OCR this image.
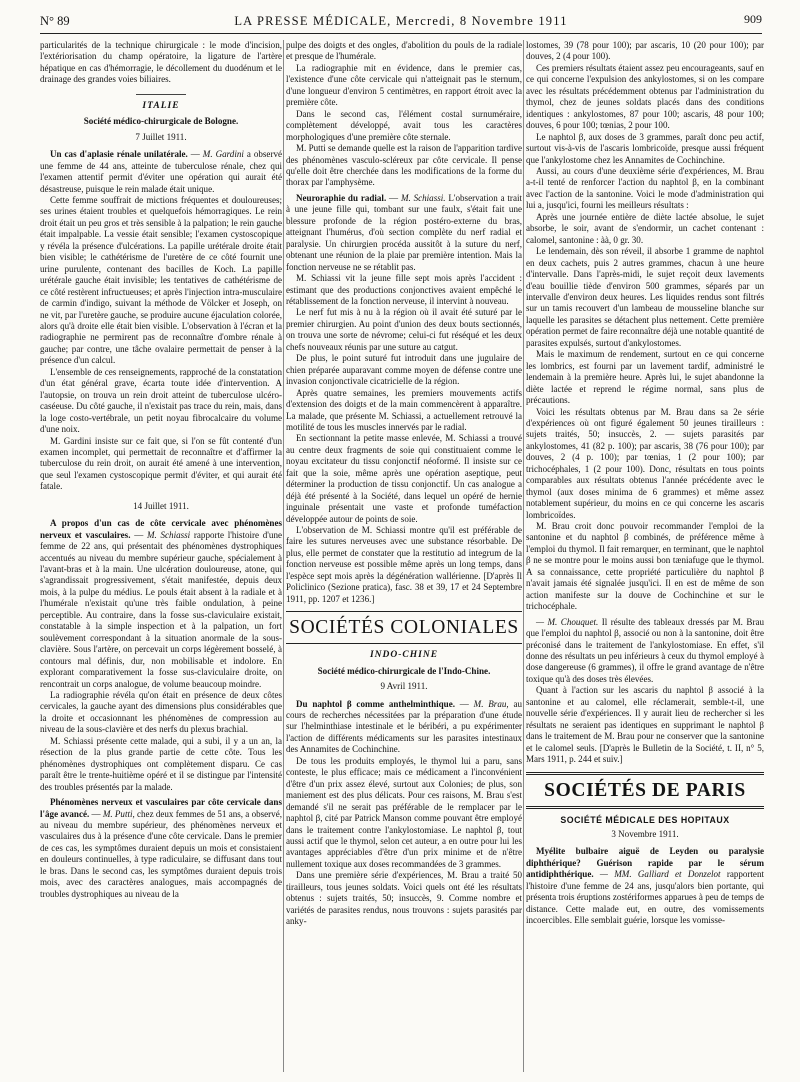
N° 89	LA PRESSE MÉDICALE, Mercredi, 8 Novembre 1911	909

particularités de la technique chirurgicale : le mode d'incision, l'extériorisation du champ opératoire, la ligature de l'artère hépatique en cas d'hémorragie, le décollement du duodénum et le drainage des grandes voies biliaires.

ITALIE
Société médico-chirurgicale de Bologne.
7 Juillet 1911.

Un cas d'aplasie rénale unilatérale. — M. Gardini a observé une femme de 44 ans, atteinte de tuberculose rénale, chez qui l'examen attentif permit d'éviter une opération qui aurait été désastreuse, puisque le rein malade était unique.

Cette femme souffrait de mictions fréquentes et douloureuses; ses urines étaient troubles et quelquefois hémorragiques. Le rein droit était un peu gros et très sensible à la palpation; le rein gauche était impalpable. La vessie était sensible; l'examen cystoscopique y révéla la présence d'ulcérations. La papille urétérale droite était bien visible; le cathétérisme de l'uretère de ce côté fournit une urine purulente, contenant des bacilles de Koch. La papille urétérale gauche était invisible; les tentatives de cathétérisme de ce côté restèrent infructueuses; et après l'injection intra-musculaire de carmin d'indigo, suivant la méthode de Völcker et Joseph, on ne vit, par l'uretère gauche, se produire aucune éjaculation colorée, alors qu'à droite elle était bien visible. L'observation à l'écran et la radiographie ne permirent pas de reconnaître d'ombre rénale à gauche; par contre, une tâche ovalaire permettait de penser à la présence d'un calcul.

L'ensemble de ces renseignements, rapproché de la constatation d'un état général grave, écarta toute idée d'intervention. A l'autopsie, on trouva un rein droit atteint de tuberculose ulcéro-caséeuse. Du côté gauche, il n'existait pas trace du rein, mais, dans la loge costo-vertébrale, un petit noyau fibrocalcaire du volume d'une noix.

M. Gardini insiste sur ce fait que, si l'on se fût contenté d'un examen incomplet, qui permettait de reconnaître et d'affirmer la tuberculose du rein droit, on aurait été amené à une intervention, que seul l'examen cystoscopique permit d'éviter, et qui aurait été fatale.

14 Juillet 1911.

A propos d'un cas de côte cervicale avec phénomènes nerveux et vasculaires. — M. Schiassi rapporte l'histoire d'une femme de 22 ans, qui présentait des phénomènes dystrophiques accentués au niveau du membre supérieur gauche, spécialement à l'avant-bras et à la main. Une ulcération douloureuse, atone, qui s'agrandissait progressivement, s'était manifestée, depuis deux mois, à la pulpe du médius. Le pouls était absent à la radiale et à l'humérale n'existait qu'une très faible ondulation, à peine perceptible. Au contraire, dans la fosse sus-claviculaire existait, constatable à la simple inspection et à la palpation, un fort soulèvement correspondant à la situation anormale de la sous-clavière. Sous l'artère, on percevait un corps légèrement bosselé, à contours mal définis, dur, non mobilisable et indolore. En explorant comparativement la fosse sus-claviculaire droite, on rencontrait un corps analogue, de volume beaucoup moindre.

La radiographie révéla qu'on était en présence de deux côtes cervicales, la gauche ayant des dimensions plus considérables que la droite et occasionnant les phénomènes de compression au niveau de la sous-clavière et des nerfs du plexus brachial.

M. Schiassi présente cette malade, qui a subi, il y a un an, la résection de la plus grande partie de cette côte. Tous les phénomènes dystrophiques ont complètement disparu. Ce cas paraît être le trente-huitième opéré et il se distingue par l'intensité des troubles présentés par la malade.

Phénomènes nerveux et vasculaires par côte cervicale dans l'âge avancé. — M. Putti, chez deux femmes de 51 ans, a observé, au niveau du membre supérieur, des phénomènes nerveux et vasculaires dus à la présence d'une côte cervicale. Dans le premier de ces cas, les symptômes duraient depuis un mois et consistaient en douleurs continuelles, à type radiculaire, se diffusant dans tout le bras. Dans le second cas, les symptômes duraient depuis trois mois, avec des caractères analogues, mais accompagnés de troubles dystrophiques au niveau de la

pulpe des doigts et des ongles, d'abolition du pouls de la radiale et presque de l'humérale.

La radiographie mit en évidence, dans le premier cas, l'existence d'une côte cervicale qui n'atteignait pas le sternum, d'une longueur d'environ 5 centimètres, en rapport étroit avec la première côte.

Dans le second cas, l'élément costal surnuméraire, complètement développé, avait tous les caractères morphologiques d'une première côte sternale.

M. Putti se demande quelle est la raison de l'apparition tardive des phénomènes vasculo-scléreux par côte cervicale. Il pense qu'elle doit être cherchée dans les modifications de la forme du thorax par l'amphysème.

Neuroraphie du radial. — M. Schiassi. L'observation a trait à une jeune fille qui, tombant sur une faulx, s'était fait une blessure profonde de la région postéro-externe du bras, atteignant l'humérus, d'où section complète du nerf radial et paralysie. Un chirurgien procéda aussitôt à la suture du nerf, obtenant une réunion de la plaie par première intention. Mais la fonction nerveuse ne se rétablit pas.

M. Schiassi vit la jeune fille sept mois après l'accident : estimant que des productions conjonctives avaient empêché le rétablissement de la fonction nerveuse, il intervint à nouveau.

Le nerf fut mis à nu à la région où il avait été suturé par le premier chirurgien. Au point d'union des deux bouts sectionnés, on trouva une sorte de névrome; celui-ci fut réséqué et les deux chefs nouveaux réunis par une suture au catgut.

De plus, le point suturé fut introduit dans une jugulaire de chien préparée auparavant comme moyen de défense contre une invasion conjonctivale cicatricielle de la région.

Après quatre semaines, les premiers mouvements actifs d'extension des doigts et de la main commencèrent à apparaître. La malade, que présente M. Schiassi, a actuellement retrouvé la motilité de tous les muscles innervés par le radial.

En sectionnant la petite masse enlevée, M. Schiassi a trouvé au centre deux fragments de soie qui constituaient comme le noyau excitateur du tissu conjonctif néoformé. Il insiste sur ce fait que la soie, même après une opération aseptique, peut déterminer la production de tissu conjonctif. Un cas analogue a déjà été présenté à la Société, dans lequel un opéré de hernie inguinale présentait une vaste et profonde tuméfaction développée autour de points de soie.

L'observation de M. Schiassi montre qu'il est préférable de faire les sutures nerveuses avec une substance résorbable. De plus, elle permet de constater que la restitutio ad integrum de la fonction nerveuse est possible même après un long temps, dans l'espèce sept mois après la dégénération wallérienne. [D'après Il Policlinico (Sezione pratica), fasc. 38 et 39, 17 et 24 Septembre 1911, pp. 1207 et 1236.]

SOCIÉTÉS COLONIALES
INDO-CHINE
Société médico-chirurgicale de l'Indo-Chine.
9 Avril 1911.

Du naphtol β comme anthelminthique. — M. Brau, au cours de recherches nécessitées par la préparation d'une étude sur l'helminthiase intestinale et le béribéri, a pu expérimenter l'action de différents médicaments sur les parasites intestinaux des Annamites de Cochinchine.

De tous les produits employés, le thymol lui a paru, sans conteste, le plus efficace; mais ce médicament a l'inconvénient d'être d'un prix assez élevé, surtout aux Colonies; de plus, son maniement est des plus délicats. Pour ces raisons, M. Brau s'est demandé s'il ne serait pas préférable de le remplacer par le naphtol β, cité par Patrick Manson comme pouvant être employé dans le traitement contre l'ankylostomiase. Le naphtol β, tout aussi actif que le thymol, selon cet auteur, a en outre pour lui les avantages appréciables d'être d'un prix minime et de n'être nullement toxique aux doses recommandées de 3 grammes.

Dans une première série d'expériences, M. Brau a traité 50 tirailleurs, tous jeunes soldats. Voici quels ont été les résultats obtenus : sujets traités, 50; insuccès, 9. Comme nombre et variétés de parasites rendus, nous trouvons : sujets parasités par anky-

lostomes, 39 (78 pour 100); par ascaris, 10 (20 pour 100); par douves, 2 (4 pour 100).

Ces premiers résultats étaient assez peu encourageants, sauf en ce qui concerne l'expulsion des ankylostomes, si on les compare avec les résultats précédemment obtenus par l'administration du thymol, chez de jeunes soldats placés dans des conditions identiques : ankylostomes, 87 pour 100; ascaris, 48 pour 100; douves, 6 pour 100; tœnias, 2 pour 100.

Le naphtol β, aux doses de 3 grammes, paraît donc peu actif, surtout vis-à-vis de l'ascaris lombricoïde, presque aussi fréquent que l'ankylostome chez les Annamites de Cochinchine.

Aussi, au cours d'une deuxième série d'expériences, M. Brau a-t-il tenté de renforcer l'action du naphtol β, en la combinant avec l'action de la santonine. Voici le mode d'administration qui lui a, jusqu'ici, fourni les meilleurs résultats :

Après une journée entière de diète lactée absolue, le sujet absorbe, le soir, avant de s'endormir, un cachet contenant : calomel, santonine : àà, 0 gr. 30.

Le lendemain, dès son réveil, il absorbe 1 gramme de naphtol en deux cachets, puis 2 autres grammes, chacun à une heure d'intervalle. Dans l'après-midi, le sujet reçoit deux lavements d'eau bouillie tiède d'environ 500 grammes, séparés par un intervalle d'environ deux heures. Les liquides rendus sont filtrés sur un tamis recouvert d'un lambeau de mousseline blanche sur laquelle les parasites se détachent plus nettement. Cette première opération permet de faire reconnaître déjà une notable quantité de parasites expulsés, surtout d'ankylostomes.

Mais le maximum de rendement, surtout en ce qui concerne les lombrics, est fourni par un lavement tardif, administré le lendemain à la première heure. Après lui, le sujet abandonne la diète lactée et reprend le régime normal, sans plus de précautions.

Voici les résultats obtenus par M. Brau dans sa 2e série d'expériences où ont figuré également 50 jeunes tirailleurs : sujets traités, 50; insuccès, 2. — sujets parasités par ankylostomes, 41 (82 p. 100); par ascaris, 38 (76 pour 100); par douves, 2 (4 p. 100); par tœnias, 1 (2 pour 100); par trichocéphales, 1 (2 pour 100). Donc, résultats en tous points comparables aux résultats obtenus l'année précédente avec le thymol (aux doses minima de 6 grammes) et même assez notablement supérieur, du moins en ce qui concerne les ascaris lombricoïdes.

M. Brau croit donc pouvoir recommander l'emploi de la santonine et du naphtol β combinés, de préférence même à l'emploi du thymol. Il fait remarquer, en terminant, que le naphtol β ne se montre pour le moins aussi bon tæniafuge que le thymol. A sa connaissance, cette propriété particulière du naphtol β n'avait jamais été signalée jusqu'ici. Il en est de même de son action manifeste sur la douve de Cochinchine et sur le trichocéphale.

— M. Chouquet. Il résulte des tableaux dressés par M. Brau que l'emploi du naphtol β, associé ou non à la santonine, doit être préconisé dans le traitement de l'ankylostomiase. En effet, s'il donne des résultats un peu inférieurs à ceux du thymol employé à dose dangereuse (6 grammes), il offre le grand avantage de n'être toxique qu'à des doses très élevées.

Quant à l'action sur les ascaris du naphtol β associé à la santonine et au calomel, elle réclamerait, semble-t-il, une nouvelle série d'expériences. Il y aurait lieu de rechercher si les résultats ne seraient pas identiques en supprimant le naphtol β dans le traitement de M. Brau pour ne conserver que la santonine et le calomel seuls. [D'après le Bulletin de la Société, t. II, n° 5, Mars 1911, p. 244 et suiv.]

SOCIÉTÉS DE PARIS
SOCIÉTÉ MÉDICALE DES HOPITAUX
3 Novembre 1911.

Myélite bulbaire aiguë de Leyden ou paralysie diphthérique? Guérison rapide par le sérum antidiphthérique. — MM. Galliard et Donzelot rapportent l'histoire d'une femme de 24 ans, jusqu'alors bien portante, qui présenta trois éruptions zostériformes apparues à peu de temps de distance. Cette malade eut, en outre, des vomissements incoercibles. Elle semblait guérie, lorsque les vomisse-
